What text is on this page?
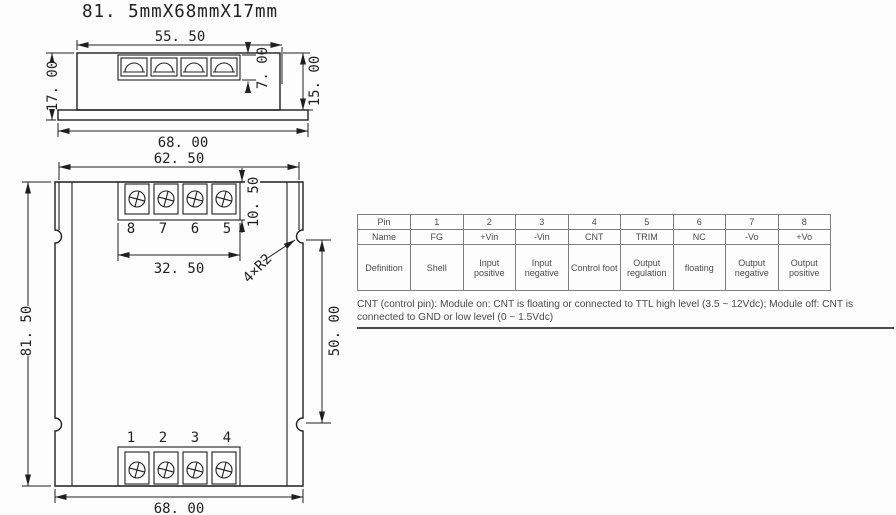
81. 5mmX68mmX17mm
55. 50
7. 00
17. 00	15. 00
68. 00
8 7 6 5
1 2 3 4
62. 50
10. 50
32. 50	4×R2
50. 00
81. 50
68. 00
Pin	1	2	3	4	5	6	7	8
Name	FG	+Vin	-Vin	CNT	TRIM	NC	-Vo	+Vo
Definition	Shell	Input positive	Input negative	Control foot	Output regulation	floating	Output negative	Output positive
CNT (control pin): Module on: CNT is floating or connected to TTL high level (3.5 ~ 12Vdc); Module off: CNT is connected to GND or low level (0 ~ 1.5Vdc)
